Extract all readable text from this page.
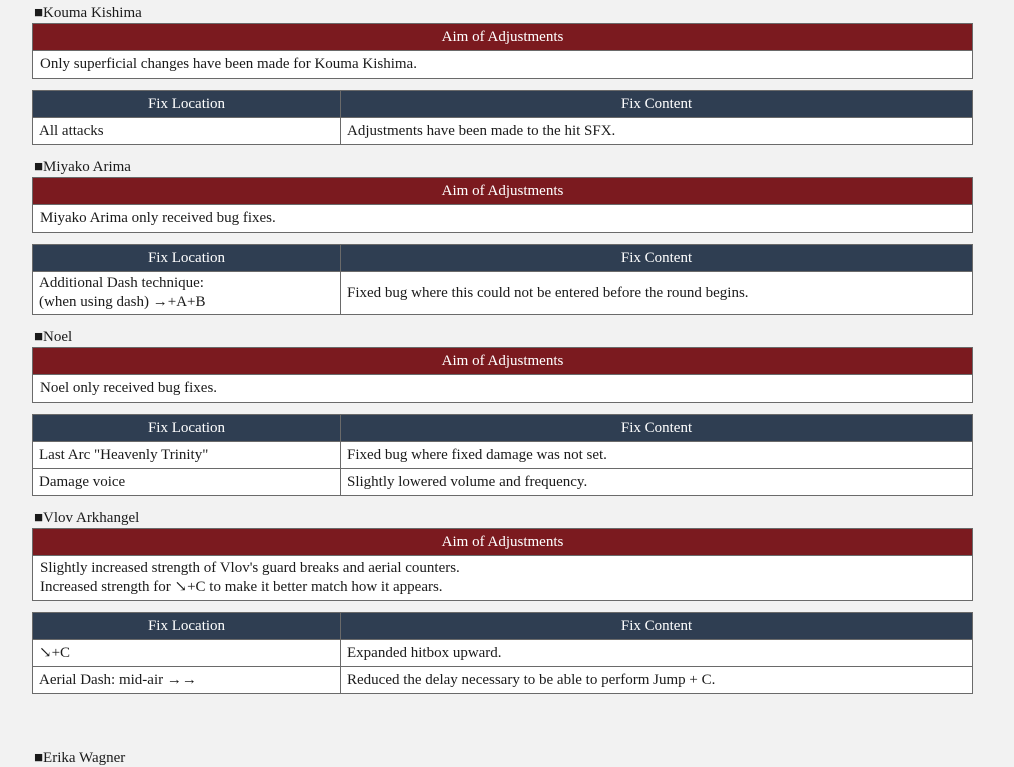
■Kouma Kishima
Aim of Adjustments

Only superficial changes have been made for Kouma Kishima.
Fix Location	Fix Content

All attacks	Adjustments have been made to the hit SFX.
■Miyako Arima
Aim of Adjustments

Miyako Arima only received bug fixes.
Fix Location	Fix Content

Additional Dash technique:
(when using dash) →+A+B	Fixed bug where this could not be entered before the round begins.
■Noel
Aim of Adjustments

Noel only received bug fixes.
Fix Location	Fix Content

Last Arc "Heavenly Trinity"	Fixed bug where fixed damage was not set.

Damage voice	Slightly lowered volume and frequency.
■Vlov Arkhangel
Aim of Adjustments

Slightly increased strength of Vlov's guard breaks and aerial counters.
Increased strength for ↘+C to make it better match how it appears.
Fix Location	Fix Content

↘+C	Expanded hitbox upward.

Aerial Dash: mid-air →→	Reduced the delay necessary to be able to perform Jump + C.
■Erika Wagner
